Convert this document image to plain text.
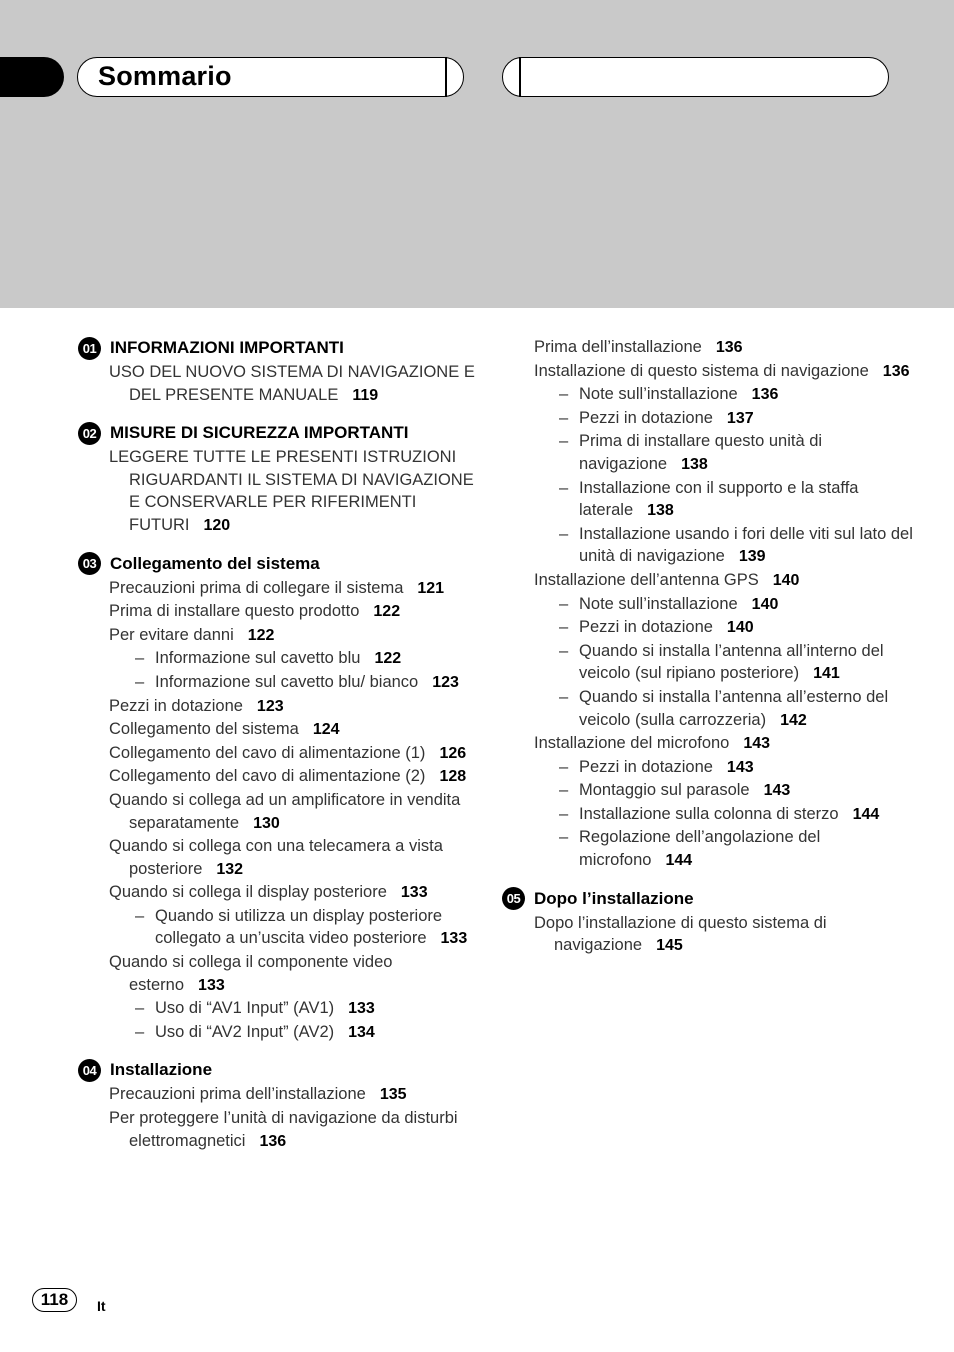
Sommario
01 INFORMAZIONI IMPORTANTI
USO DEL NUOVO SISTEMA DI NAVIGAZIONE E DEL PRESENTE MANUALE 119
02 MISURE DI SICUREZZA IMPORTANTI
LEGGERE TUTTE LE PRESENTI ISTRUZIONI RIGUARDANTI IL SISTEMA DI NAVIGAZIONE E CONSERVARLE PER RIFERIMENTI FUTURI 120
03 Collegamento del sistema
Precauzioni prima di collegare il sistema 121
Prima di installare questo prodotto 122
Per evitare danni 122
– Informazione sul cavetto blu 122
– Informazione sul cavetto blu/ bianco 123
Pezzi in dotazione 123
Collegamento del sistema 124
Collegamento del cavo di alimentazione (1) 126
Collegamento del cavo di alimentazione (2) 128
Quando si collega ad un amplificatore in vendita separatamente 130
Quando si collega con una telecamera a vista posteriore 132
Quando si collega il display posteriore 133
– Quando si utilizza un display posteriore collegato a un’uscita video posteriore 133
Quando si collega il componente video esterno 133
– Uso di “AV1 Input” (AV1) 133
– Uso di “AV2 Input” (AV2) 134
04 Installazione
Precauzioni prima dell’installazione 135
Per proteggere l’unità di navigazione da disturbi elettromagnetici 136
Prima dell’installazione 136
Installazione di questo sistema di navigazione 136
– Note sull’installazione 136
– Pezzi in dotazione 137
– Prima di installare questo unità di navigazione 138
– Installazione con il supporto e la staffa laterale 138
– Installazione usando i fori delle viti sul lato del unità di navigazione 139
Installazione dell’antenna GPS 140
– Note sull’installazione 140
– Pezzi in dotazione 140
– Quando si installa l’antenna all’interno del veicolo (sul ripiano posteriore) 141
– Quando si installa l’antenna all’esterno del veicolo (sulla carrozzeria) 142
Installazione del microfono 143
– Pezzi in dotazione 143
– Montaggio sul parasole 143
– Installazione sulla colonna di sterzo 144
– Regolazione dell’angolazione del microfono 144
05 Dopo l’installazione
Dopo l’installazione di questo sistema di navigazione 145
118	It
